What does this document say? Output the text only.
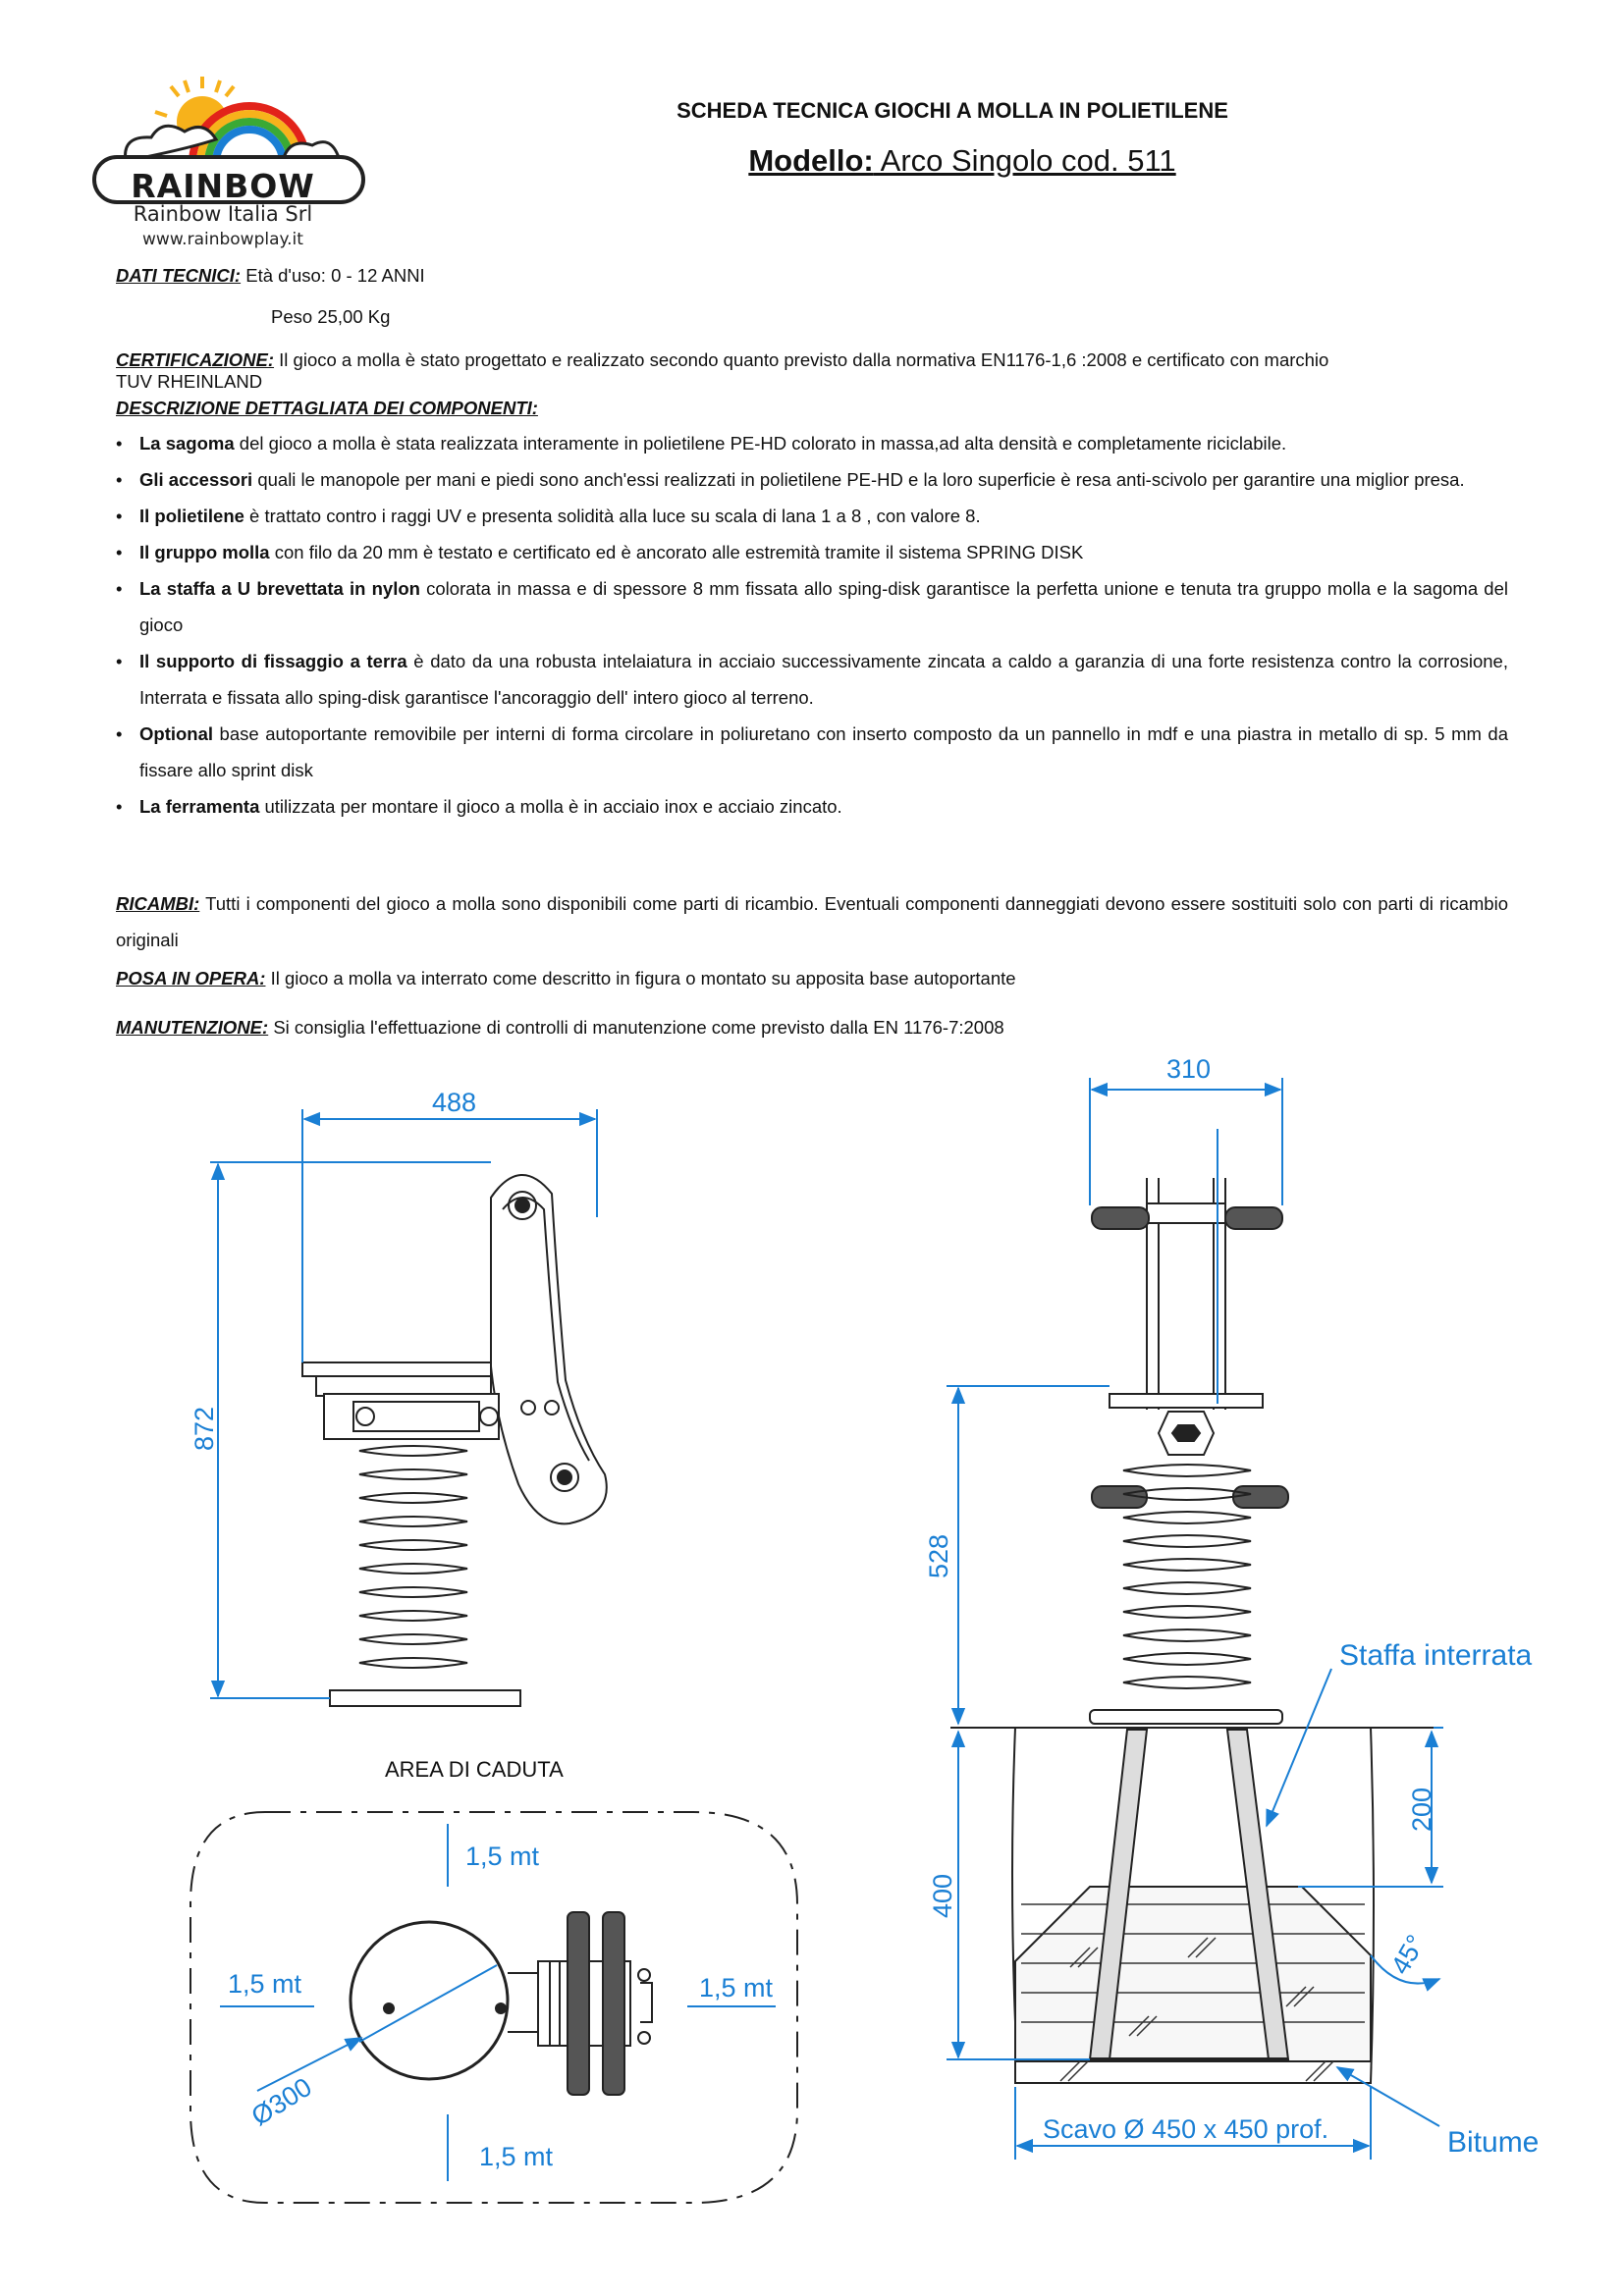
RAINBOW
Rainbow Italia Srl
www.rainbowplay.it
SCHEDA TECNICA GIOCHI A MOLLA IN POLIETILENE
Modello: Arco Singolo cod. 511
DATI TECNICI: Età d'uso: 0 - 12 ANNI
Peso 25,00 Kg
CERTIFICAZIONE: Il gioco a molla è stato progettato e realizzato secondo quanto previsto dalla normativa EN1176-1,6 :2008 e certificato con marchio
TUV RHEINLAND
DESCRIZIONE DETTAGLIATA DEI COMPONENTI:
• La sagoma del gioco a molla è stata realizzata interamente in polietilene PE-HD colorato in massa,ad alta densità e completamente riciclabile.
• Gli accessori quali le manopole per mani e piedi sono anch'essi realizzati in polietilene PE-HD e la loro superficie è resa anti-scivolo per garantire una miglior presa.
• Il polietilene è trattato contro i raggi UV e presenta solidità alla luce su scala di lana 1 a 8 , con valore 8.
• Il gruppo molla con filo da 20 mm è testato e certificato ed è ancorato alle estremità tramite il sistema SPRING DISK
• La staffa a U brevettata in nylon colorata in massa e di spessore 8 mm fissata allo sping-disk garantisce la perfetta unione e tenuta tra gruppo molla e la sagoma del gioco
• Il supporto di fissaggio a terra è dato da una robusta intelaiatura in acciaio successivamente zincata a caldo a garanzia di una forte resistenza contro la corrosione, Interrata e fissata allo sping-disk garantisce l'ancoraggio dell' intero gioco al terreno.
• Optional base autoportante removibile per interni di forma circolare in poliuretano con inserto composto da un pannello in mdf e una piastra in metallo di sp. 5 mm da fissare allo sprint disk
• La ferramenta utilizzata per montare il gioco a molla è in acciaio inox e acciaio zincato.
RICAMBI: Tutti i componenti del gioco a molla sono disponibili come parti di ricambio. Eventuali componenti danneggiati devono essere sostituiti solo con parti di ricambio originali
POSA IN OPERA: Il gioco a molla va interrato come descritto in figura o montato su apposita base autoportante
MANUTENZIONE: Si consiglia l'effettuazione di controlli di manutenzione come previsto dalla EN 1176-7:2008
488
872
310
528
200
400
45°
Staffa interrata
Scavo Ø 450 x 450 prof.	Bitume
AREA DI CADUTA
1,5 mt
1,5 mt	1,5 mt
1,5 mt
Ø300
